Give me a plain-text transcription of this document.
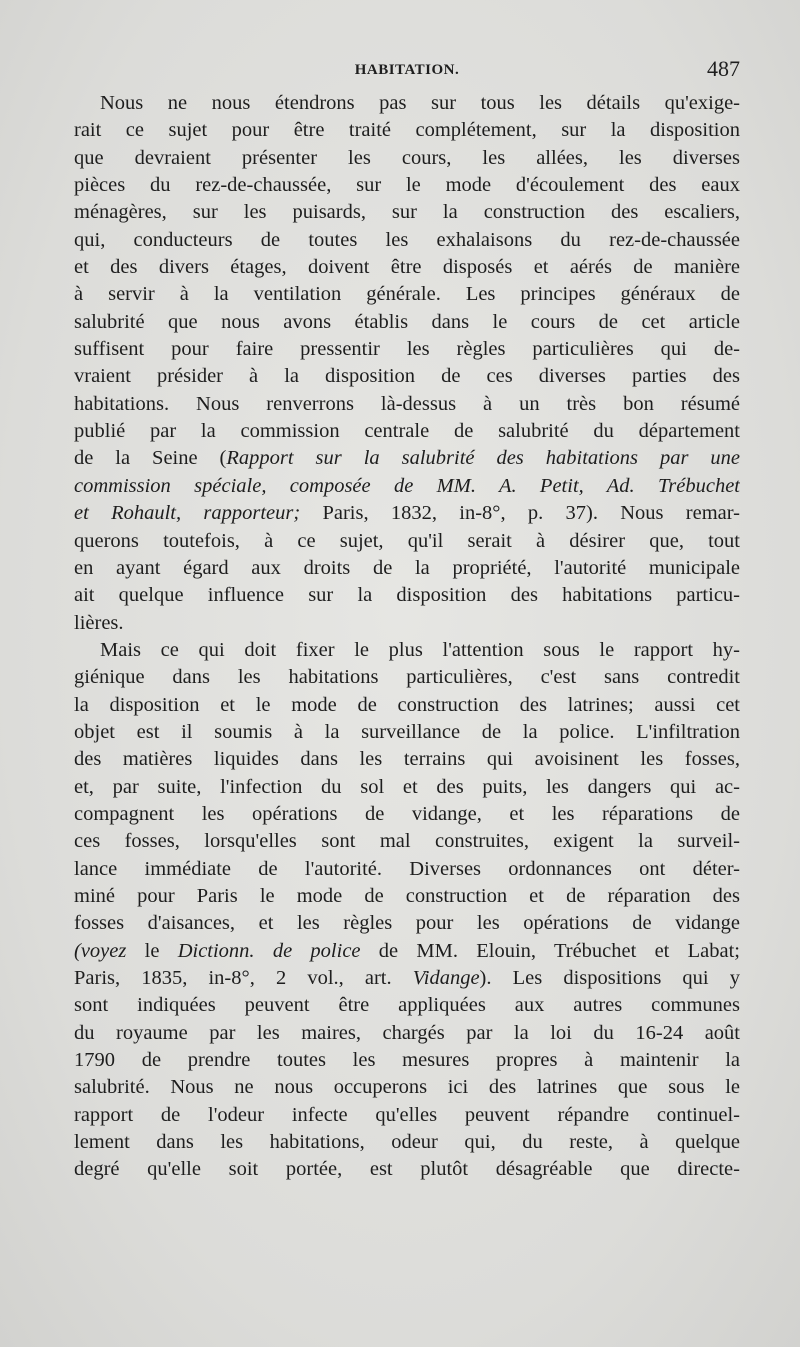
HABITATION.	487
Nous ne nous étendrons pas sur tous les détails qu'exige-
rait ce sujet pour être traité complétement, sur la disposition
que devraient présenter les cours, les allées, les diverses
pièces du rez-de-chaussée, sur le mode d'écoulement des eaux
ménagères, sur les puisards, sur la construction des escaliers,
qui, conducteurs de toutes les exhalaisons du rez-de-chaussée
et des divers étages, doivent être disposés et aérés de manière
à servir à la ventilation générale. Les principes généraux de
salubrité que nous avons établis dans le cours de cet article
suffisent pour faire pressentir les règles particulières qui de-
vraient présider à la disposition de ces diverses parties des
habitations. Nous renverrons là-dessus à un très bon résumé
publié par la commission centrale de salubrité du département
de la Seine (Rapport sur la salubrité des habitations par une
commission spéciale, composée de MM. A. Petit, Ad. Trébuchet
et Rohault, rapporteur; Paris, 1832, in-8°, p. 37). Nous remar-
querons toutefois, à ce sujet, qu'il serait à désirer que, tout
en ayant égard aux droits de la propriété, l'autorité municipale
ait quelque influence sur la disposition des habitations particu-
lières.
Mais ce qui doit fixer le plus l'attention sous le rapport hy-
giénique dans les habitations particulières, c'est sans contredit
la disposition et le mode de construction des latrines; aussi cet
objet est il soumis à la surveillance de la police. L'infiltration
des matières liquides dans les terrains qui avoisinent les fosses,
et, par suite, l'infection du sol et des puits, les dangers qui ac-
compagnent les opérations de vidange, et les réparations de
ces fosses, lorsqu'elles sont mal construites, exigent la surveil-
lance immédiate de l'autorité. Diverses ordonnances ont déter-
miné pour Paris le mode de construction et de réparation des
fosses d'aisances, et les règles pour les opérations de vidange
(voyez le Dictionn. de police de MM. Elouin, Trébuchet et Labat;
Paris, 1835, in-8°, 2 vol., art. Vidange). Les dispositions qui y
sont indiquées peuvent être appliquées aux autres communes
du royaume par les maires, chargés par la loi du 16-24 août
1790 de prendre toutes les mesures propres à maintenir la
salubrité. Nous ne nous occuperons ici des latrines que sous le
rapport de l'odeur infecte qu'elles peuvent répandre continuel-
lement dans les habitations, odeur qui, du reste, à quelque
degré qu'elle soit portée, est plutôt désagréable que directe-
